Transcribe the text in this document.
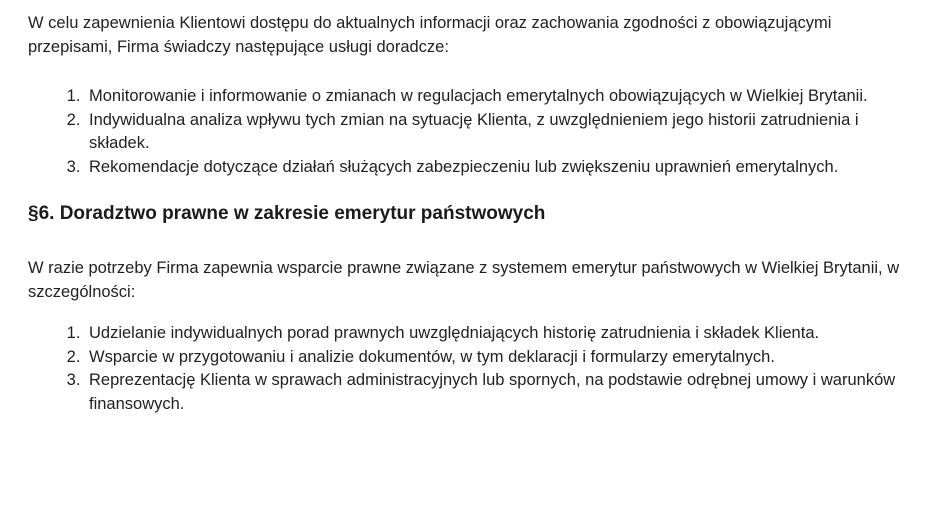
W celu zapewnienia Klientowi dostępu do aktualnych informacji oraz zachowania zgodności z obowiązującymi przepisami, Firma świadczy następujące usługi doradcze:

1. Monitorowanie i informowanie o zmianach w regulacjach emerytalnych obowiązujących w Wielkiej Brytanii.
2. Indywidualna analiza wpływu tych zmian na sytuację Klienta, z uwzględnieniem jego historii zatrudnienia i składek.
3. Rekomendacje dotyczące działań służących zabezpieczeniu lub zwiększeniu uprawnień emerytalnych.
§6. Doradztwo prawne w zakresie emerytur państwowych

W razie potrzeby Firma zapewnia wsparcie prawne związane z systemem emerytur państwowych w Wielkiej Brytanii, w szczególności:

1. Udzielanie indywidualnych porad prawnych uwzględniających historię zatrudnienia i składek Klienta.
2. Wsparcie w przygotowaniu i analizie dokumentów, w tym deklaracji i formularzy emerytalnych.
3. Reprezentację Klienta w sprawach administracyjnych lub spornych, na podstawie odrębnej umowy i warunków finansowych.
